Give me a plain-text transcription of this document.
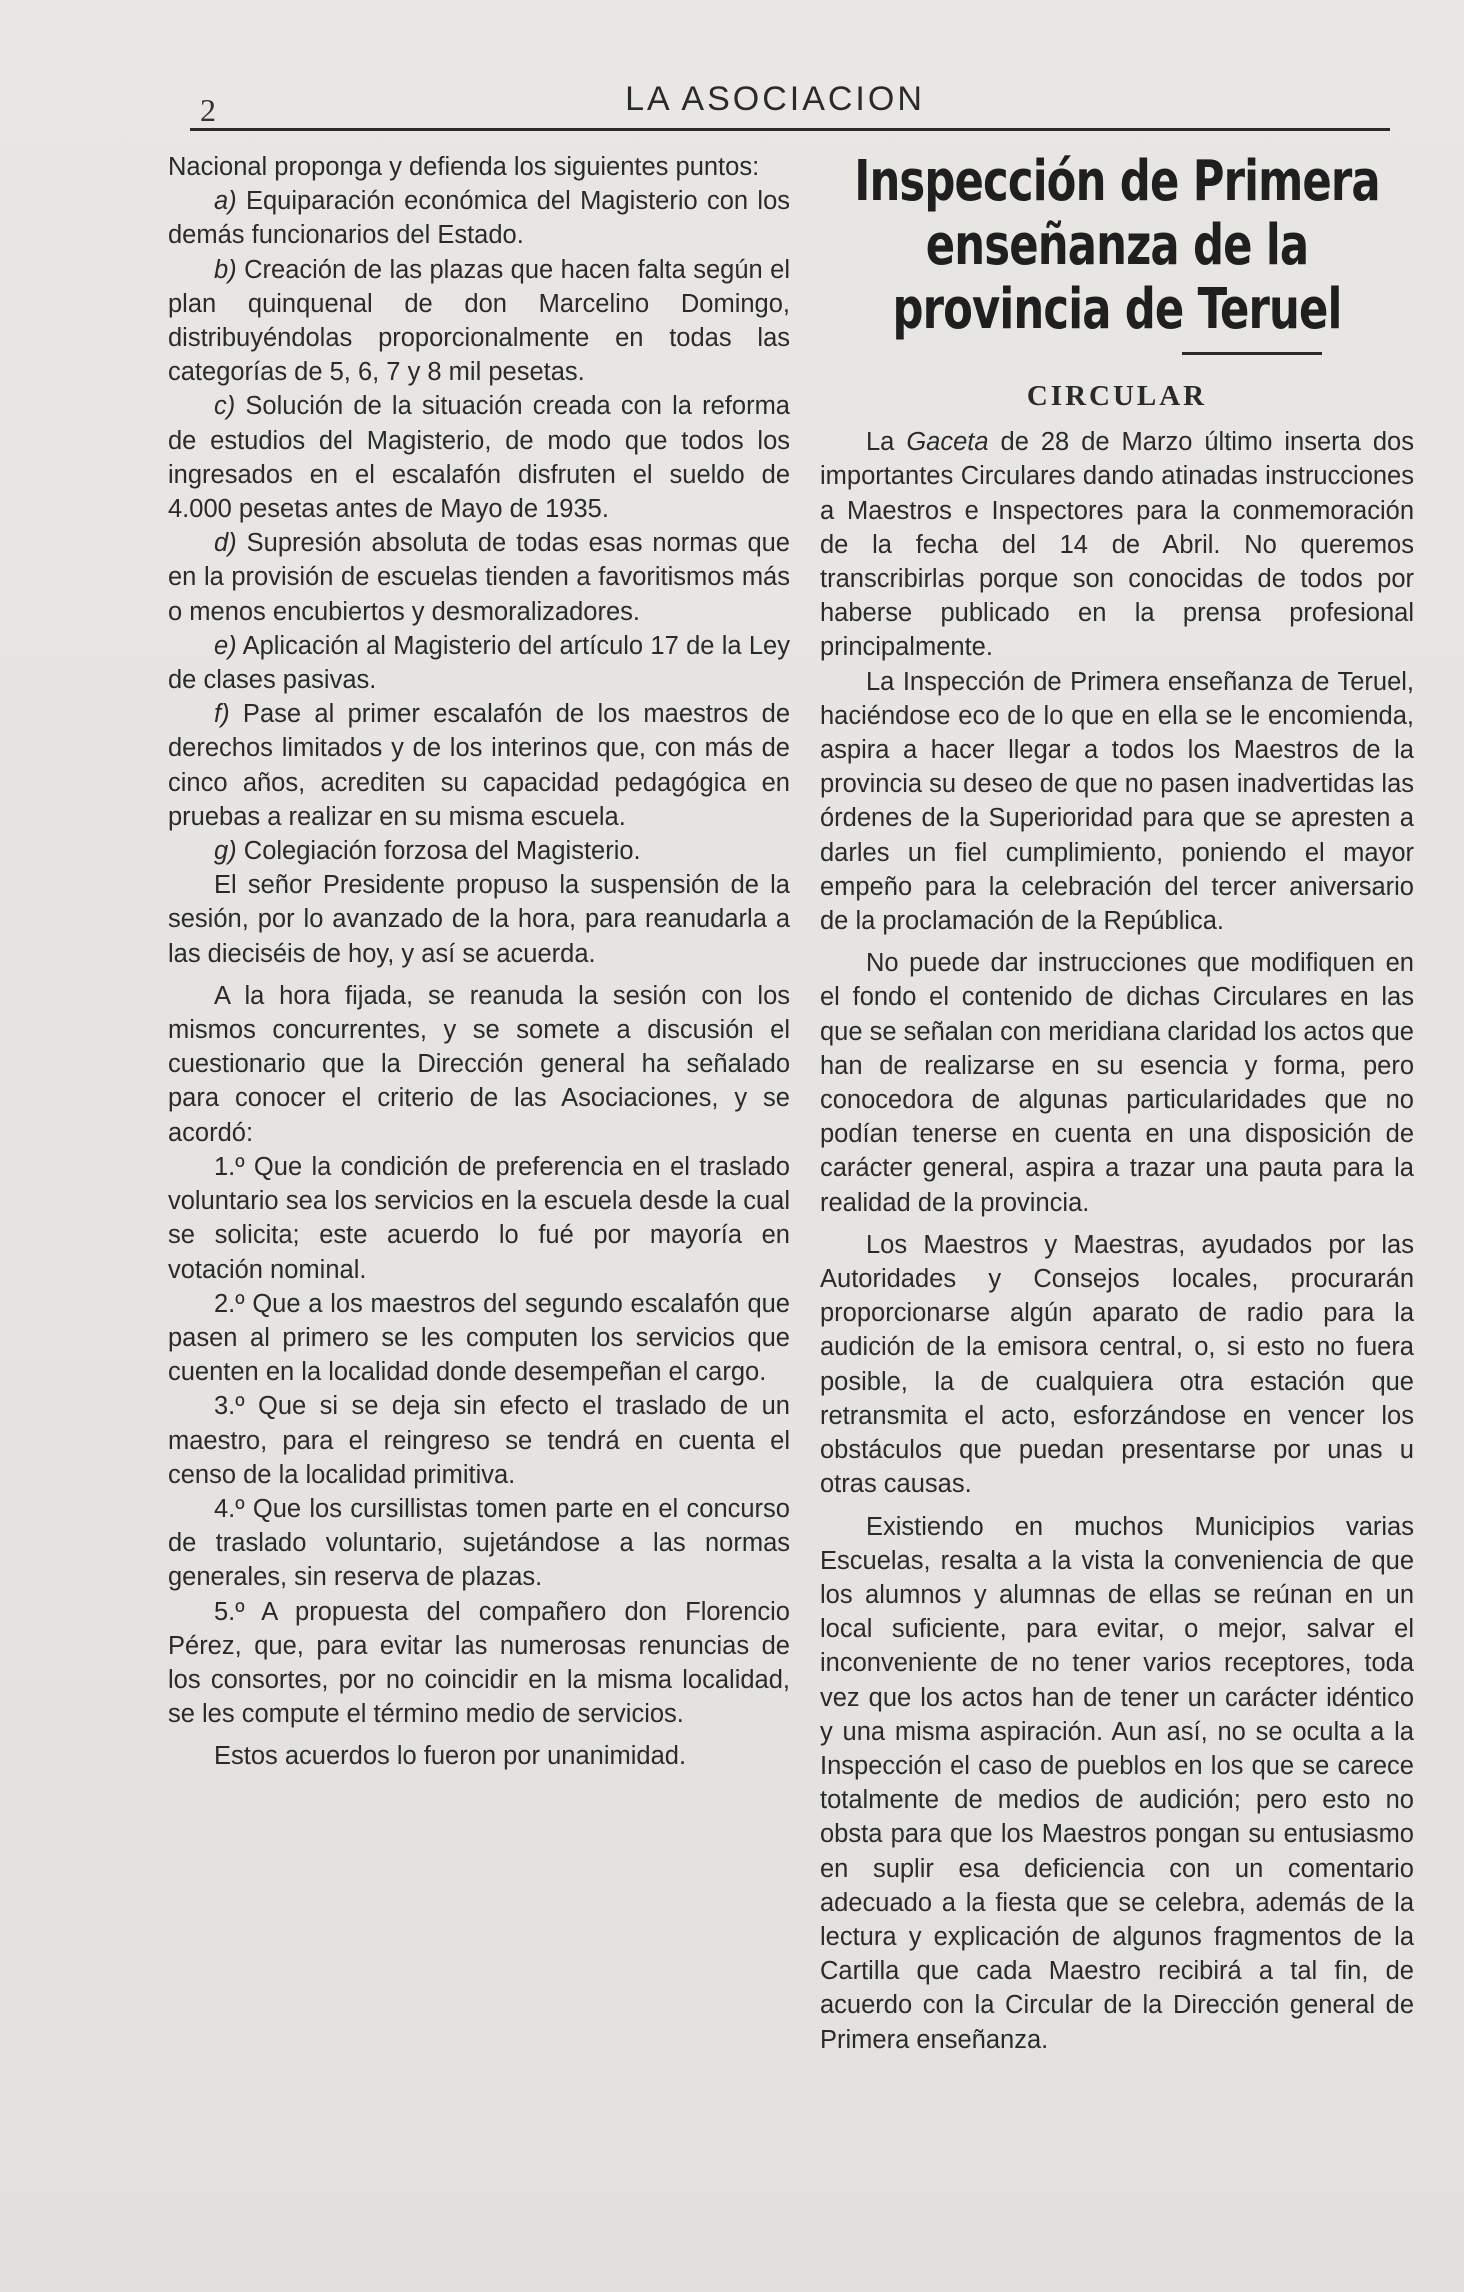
2	LA ASOCIACION

Nacional proponga y defienda los siguientes puntos:

a) Equiparación económica del Magisterio con los demás funcionarios del Estado.

b) Creación de las plazas que hacen falta según el plan quinquenal de don Marcelino Domingo, distribuyéndolas proporcionalmente en todas las categorías de 5, 6, 7 y 8 mil pesetas.

c) Solución de la situación creada con la reforma de estudios del Magisterio, de modo que todos los ingresados en el escalafón disfruten el sueldo de 4.000 pesetas antes de Mayo de 1935.

d) Supresión absoluta de todas esas normas que en la provisión de escuelas tienden a favoritismos más o menos encubiertos y desmoralizadores.

e) Aplicación al Magisterio del artículo 17 de la Ley de clases pasivas.

f) Pase al primer escalafón de los maestros de derechos limitados y de los interinos que, con más de cinco años, acrediten su capacidad pedagógica en pruebas a realizar en su misma escuela.

g) Colegiación forzosa del Magisterio.

El señor Presidente propuso la suspensión de la sesión, por lo avanzado de la hora, para reanudarla a las dieciséis de hoy, y así se acuerda.

A la hora fijada, se reanuda la sesión con los mismos concurrentes, y se somete a discusión el cuestionario que la Dirección general ha señalado para conocer el criterio de las Asociaciones, y se acordó:

1.º Que la condición de preferencia en el traslado voluntario sea los servicios en la escuela desde la cual se solicita; este acuerdo lo fué por mayoría en votación nominal.

2.º Que a los maestros del segundo escalafón que pasen al primero se les computen los servicios que cuenten en la localidad donde desempeñan el cargo.

3.º Que si se deja sin efecto el traslado de un maestro, para el reingreso se tendrá en cuenta el censo de la localidad primitiva.

4.º Que los cursillistas tomen parte en el concurso de traslado voluntario, sujetándose a las normas generales, sin reserva de plazas.

5.º A propuesta del compañero don Florencio Pérez, que, para evitar las numerosas renuncias de los consortes, por no coincidir en la misma localidad, se les compute el término medio de servicios.

Estos acuerdos lo fueron por unanimidad.

Inspección de Primera enseñanza de la provincia de Teruel
CIRCULAR

La Gaceta de 28 de Marzo último inserta dos importantes Circulares dando atinadas instrucciones a Maestros e Inspectores para la conmemoración de la fecha del 14 de Abril. No queremos transcribirlas porque son conocidas de todos por haberse publicado en la prensa profesional principalmente.

La Inspección de Primera enseñanza de Teruel, haciéndose eco de lo que en ella se le encomienda, aspira a hacer llegar a todos los Maestros de la provincia su deseo de que no pasen inadvertidas las órdenes de la Superioridad para que se apresten a darles un fiel cumplimiento, poniendo el mayor empeño para la celebración del tercer aniversario de la proclamación de la República.

No puede dar instrucciones que modifiquen en el fondo el contenido de dichas Circulares en las que se señalan con meridiana claridad los actos que han de realizarse en su esencia y forma, pero conocedora de algunas particularidades que no podían tenerse en cuenta en una disposición de carácter general, aspira a trazar una pauta para la realidad de la provincia.

Los Maestros y Maestras, ayudados por las Autoridades y Consejos locales, procurarán proporcionarse algún aparato de radio para la audición de la emisora central, o, si esto no fuera posible, la de cualquiera otra estación que retransmita el acto, esforzándose en vencer los obstáculos que puedan presentarse por unas u otras causas.

Existiendo en muchos Municipios varias Escuelas, resalta a la vista la conveniencia de que los alumnos y alumnas de ellas se reúnan en un local suficiente, para evitar, o mejor, salvar el inconveniente de no tener varios receptores, toda vez que los actos han de tener un carácter idéntico y una misma aspiración. Aun así, no se oculta a la Inspección el caso de pueblos en los que se carece totalmente de medios de audición; pero esto no obsta para que los Maestros pongan su entusiasmo en suplir esa deficiencia con un comentario adecuado a la fiesta que se celebra, además de la lectura y explicación de algunos fragmentos de la Cartilla que cada Maestro recibirá a tal fin, de acuerdo con la Circular de la Dirección general de Primera enseñanza.
